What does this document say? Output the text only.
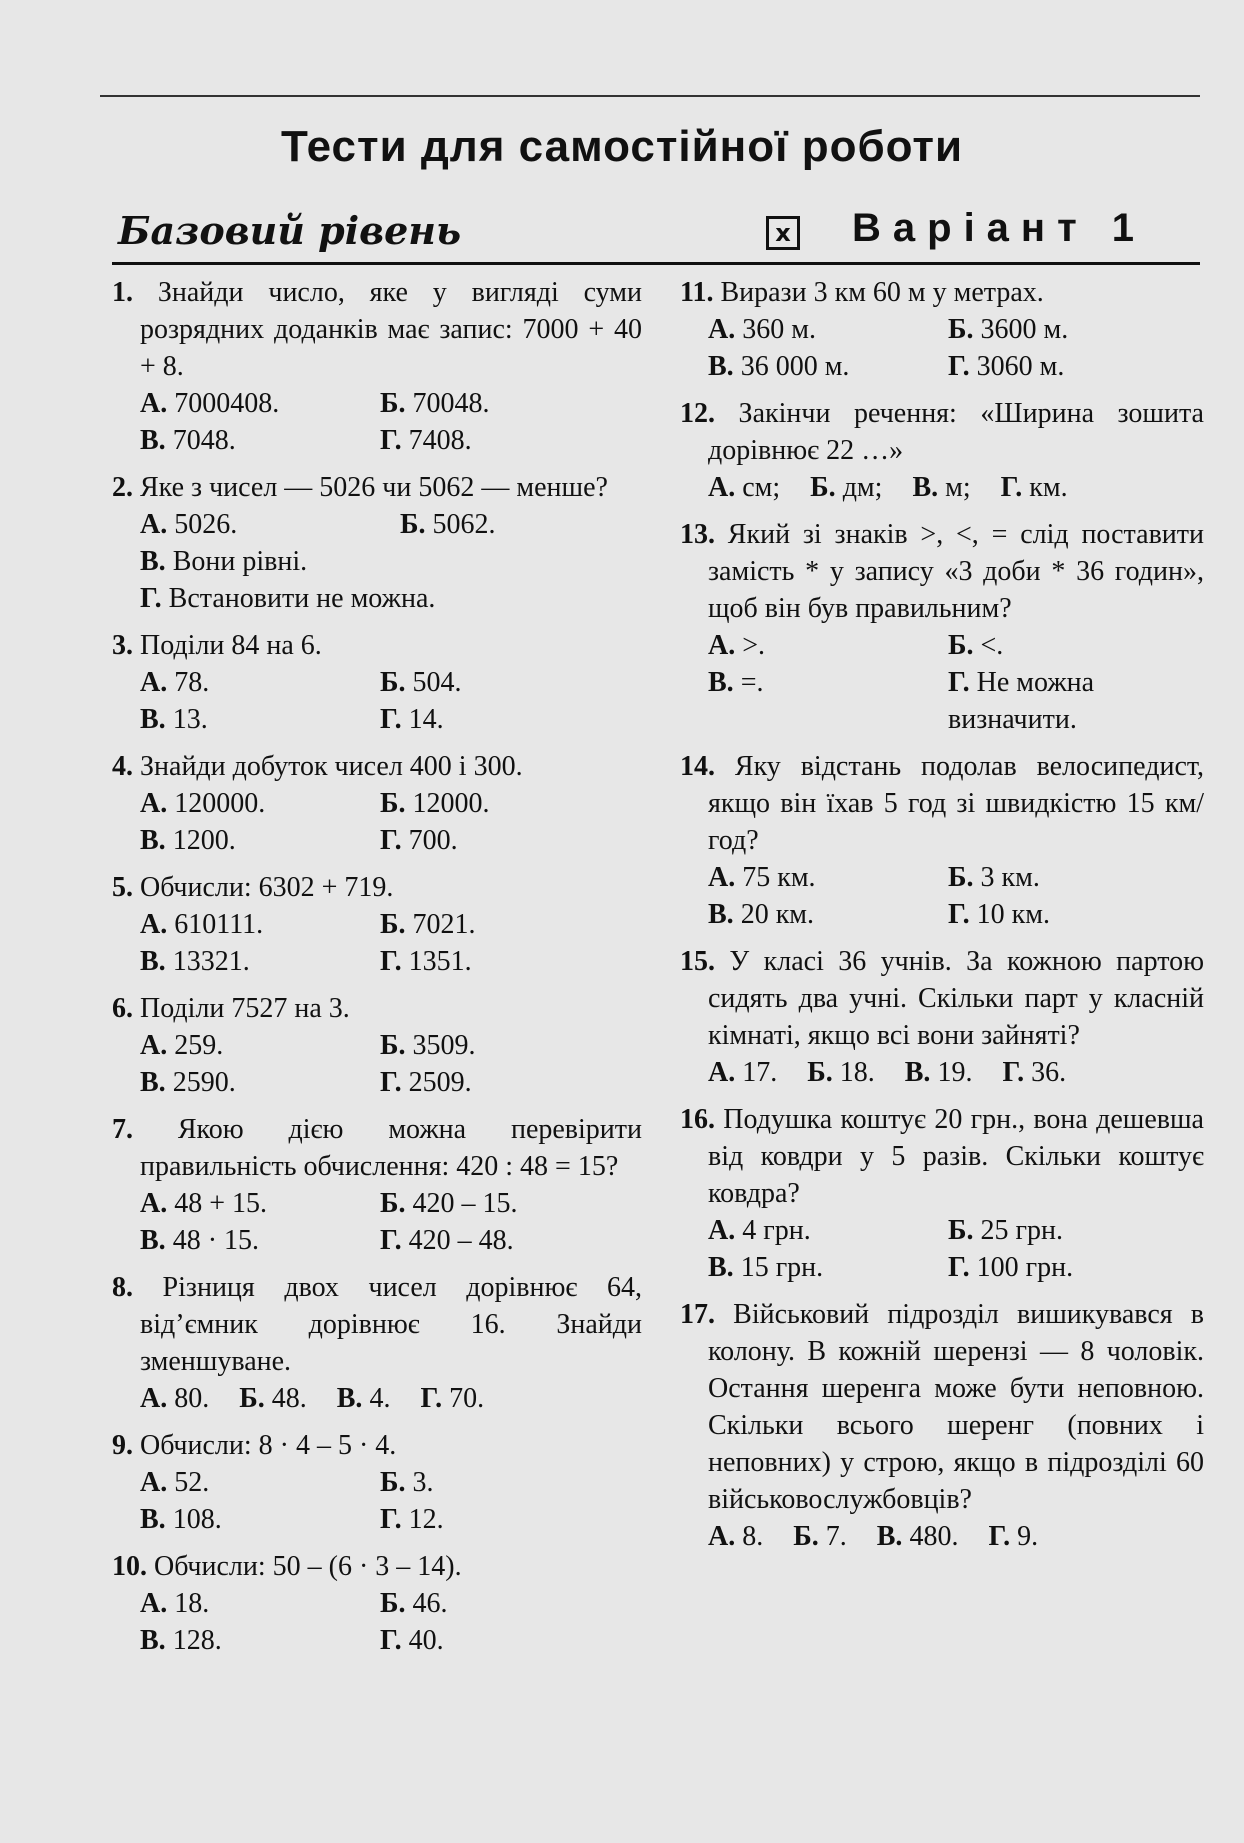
Тести для самостійної роботи
Базовий рівень	x Варіант 1
1. Знайди число, яке у вигляді суми розрядних доданків має запис: 7000 + 40 + 8.
А. 7000408.	Б. 70048.
В. 7048.	Г. 7408.
2. Яке з чисел — 5026 чи 5062 — менше?
А. 5026.	Б. 5062.
В. Вони рівні.
Г. Встановити не можна.
3. Поділи 84 на 6.
А. 78.	Б. 504.
В. 13.	Г. 14.
4. Знайди добуток чисел 400 і 300.
А. 120000.	Б. 12000.
В. 1200.	Г. 700.
5. Обчисли: 6302 + 719.
А. 610111.	Б. 7021.
В. 13321.	Г. 1351.
6. Поділи 7527 на 3.
А. 259.	Б. 3509.
В. 2590.	Г. 2509.
7. Якою дією можна перевірити правильність обчислення: 420 : 48 = 15?
А. 48 + 15.	Б. 420 – 15.
В. 48 · 15.	Г. 420 – 48.
8. Різниця двох чисел дорівнює 64, від’ємник дорівнює 16. Знайди зменшуване.
А. 80. Б. 48. В. 4. Г. 70.
9. Обчисли: 8 · 4 – 5 · 4.
А. 52.	Б. 3.
В. 108.	Г. 12.
10. Обчисли: 50 – (6 · 3 – 14).
А. 18.	Б. 46.
В. 128.	Г. 40.
11. Вирази 3 км 60 м у метрах.
А. 360 м.	Б. 3600 м.
В. 36 000 м.	Г. 3060 м.
12. Закінчи речення: «Ширина зошита дорівнює 22 …»
А. см; Б. дм; В. м; Г. км.
13. Який зі знаків >, <, = слід поставити замість * у запису «3 доби * 36 годин», щоб він був правильним?
А. >.	Б. <.
В. =.	Г. Не можна визначити.
14. Яку відстань подолав велосипедист, якщо він їхав 5 год зі швидкістю 15 км/год?
А. 75 км.	Б. 3 км.
В. 20 км.	Г. 10 км.
15. У класі 36 учнів. За кожною партою сидять два учні. Скільки парт у класній кімнаті, якщо всі вони зайняті?
А. 17. Б. 18. В. 19. Г. 36.
16. Подушка коштує 20 грн., вона дешевша від ковдри у 5 разів. Скільки коштує ковдра?
А. 4 грн.	Б. 25 грн.
В. 15 грн.	Г. 100 грн.
17. Військовий підрозділ вишикувався в колону. В кожній шерензі — 8 чоловік. Остання шеренга може бути неповною. Скільки всього шеренг (повних і неповних) у строю, якщо в підрозділі 60 військовослужбовців?
А. 8. Б. 7. В. 480. Г. 9.
